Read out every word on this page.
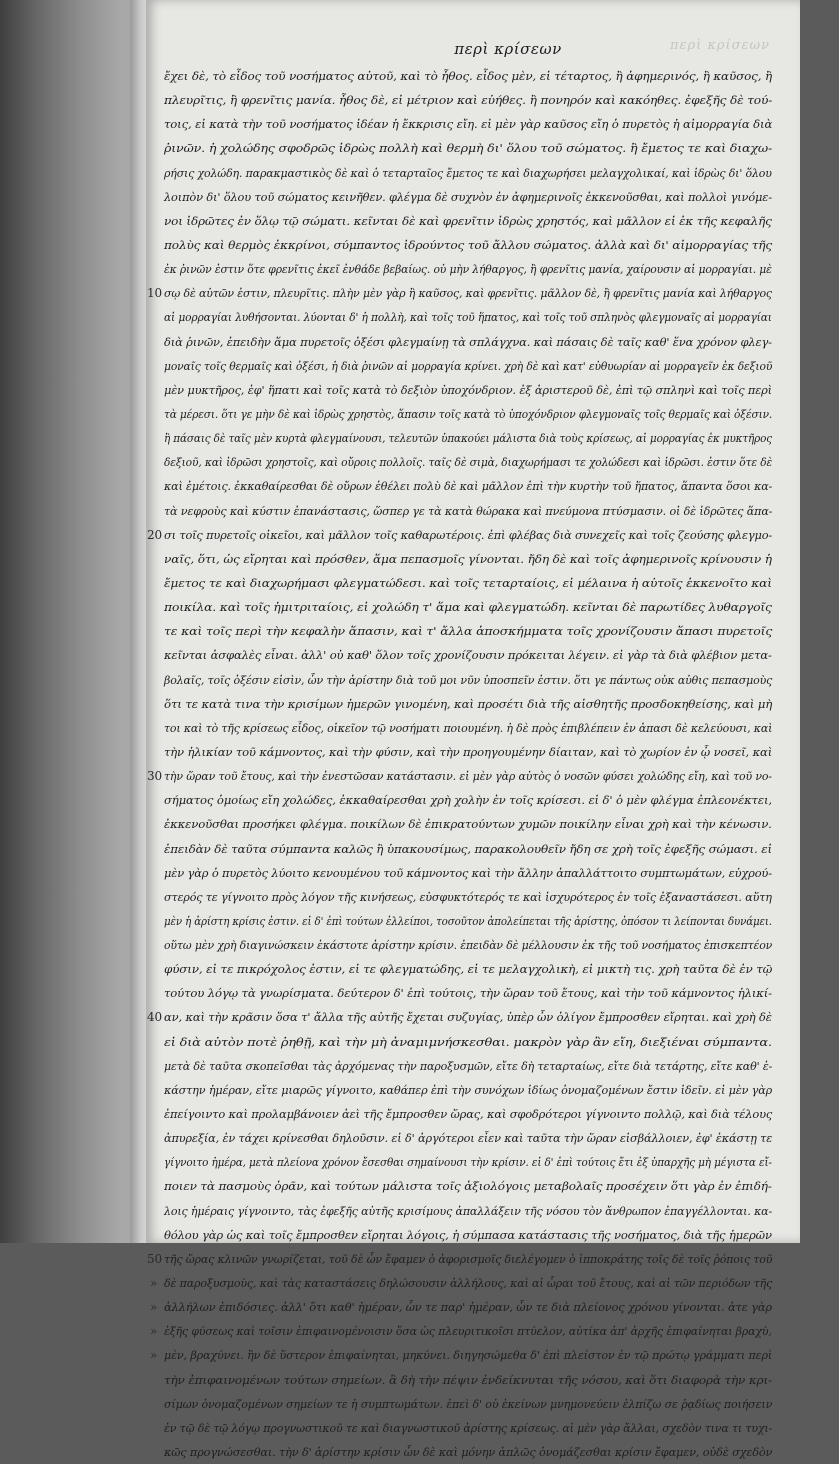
περὶ κρίσεων
περὶ κρίσεων
ἔχει δὲ, τὸ εἶδος τοῦ νοσήματος αὐτοῦ, καὶ τὸ ἦθος. εἶδος μὲν, εἰ τέταρτος, ἢ ἀφημερινός, ἢ καῦσος, ἢ
πλευρῖτις, ἢ φρενῖτις μανία. ἦθος δὲ, εἰ μέτριον καὶ εὐήθες. ἢ πονηρόν καὶ κακόηθες. ἐφεξῆς δὲ τού-
τοις, εἰ κατὰ τὴν τοῦ νοσήματος ἰδέαν ἡ ἔκκρισις εἴη. εἰ μὲν γὰρ καῦσος εἴη ὁ πυρετὸς ἡ αἱμορραγία διὰ
ῥινῶν. ἡ χολώδης σφοδρῶς ἰδρὼς πολλὴ καὶ θερμὴ δι' ὅλου τοῦ σώματος. ἢ ἔμετος τε καὶ διαχω-
ρήσις χολώδη. παρακμαστικὸς δὲ καὶ ὁ τεταρταῖος ἔμετος τε καὶ διαχωρήσει μελαγχολικαί, καὶ ἰδρὼς δι' ὅλου
λοιπὸν δι' ὅλου τοῦ σώματος κεινῆθεν. φλέγμα δὲ συχνὸν ἐν ἀφημερινοῖς ἐκκενοῦσθαι, καὶ πολλοὶ γινόμε-
νοι ἰδρῶτες ἐν ὅλῳ τῷ σώματι. κεῖνται δὲ καὶ φρενῖτιν ἰδρὼς χρηστός, καὶ μᾶλλον εἰ ἐκ τῆς κεφαλῆς
πολὺς καὶ θερμὸς ἐκκρίνοι, σύμπαντος ἱδρούντος τοῦ ἄλλου σώματος. ἀλλὰ καὶ δι' αἱμορραγίας τῆς
ἐκ ῥινῶν ἐστιν ὅτε φρενῖτις ἐκεῖ ἐνθάδε βεβαίως. οὐ μὴν λήθαργος, ἢ φρενῖτις μανία, χαίρουσιν αἱ μορραγίαι. μὲ
10 σῳ δὲ αὐτῶν ἐστιν, πλευρῖτις. πλὴν μὲν γὰρ ἢ καῦσος, καὶ φρενῖτις. μᾶλλον δὲ, ἢ φρενῖτις μανία καὶ λήθαργος
αἱ μορραγίαι λυθήσονται. λύονται δ' ἡ πολλὴ, καὶ τοῖς τοῦ ἥπατος, καὶ τοῖς τοῦ σπληνὸς φλεγμοναῖς αἱ μορραγίαι
διὰ ῥινῶν, ἐπειδὴν ἅμα πυρετοῖς ὀξέσι φλεγμαίνῃ τὰ σπλάγχνα. καὶ πάσαις δὲ ταῖς καθ' ἕνα χρόνον φλεγ-
μοναῖς τοῖς θερμαῖς καὶ ὀξέσι, ἡ διὰ ῥινῶν αἱ μορραγία κρίνει. χρὴ δὲ καὶ κατ' εὐθυωρίαν αἱ μορραγεῖν ἐκ δεξιοῦ
μὲν μυκτῆρος, ἐφ' ἥπατι καὶ τοῖς κατὰ τὸ δεξιὸν ὑποχόνδριον. ἐξ ἀριστεροῦ δὲ, ἐπὶ τῷ σπληνὶ καὶ τοῖς περὶ
τὰ μέρεσι. ὅτι γε μὴν δὲ καὶ ἰδρὼς χρηστὸς, ἅπασιν τοῖς κατὰ τὸ ὑποχόνδριον φλεγμοναῖς τοῖς θερμαῖς καὶ ὀξέσιν.
ἢ πάσαις δὲ ταῖς μὲν κυρτὰ φλεγμαίνουσι, τελευτῶν ὑπακούει μάλιστα διὰ τοὺς κρίσεως, αἱ μορραγίας ἐκ μυκτῆρος
δεξιοῦ, καὶ ἰδρῶσι χρηστοῖς, καὶ οὔροις πολλοῖς. ταῖς δὲ σιμὰ, διαχωρήμασι τε χολώδεσι καὶ ἰδρῶσι. ἐστιν ὅτε δὲ
καὶ ἐμέτοις. ἐκκαθαίρεσθαι δὲ οὔρων ἐθέλει πολὺ δὲ καὶ μᾶλλον ἐπὶ τὴν κυρτὴν τοῦ ἥπατος, ἅπαντα ὅσοι κα-
τὰ νεφροὺς καὶ κύστιν ἐπανάστασις, ὥσπερ γε τὰ κατὰ θώρακα καὶ πνεύμονα πτύσμασιν. οἱ δὲ ἰδρῶτες ἅπα-
20 σι τοῖς πυρετοῖς οἰκεῖοι, καὶ μᾶλλον τοῖς καθαρωτέροις. ἐπὶ φλέβας διὰ συνεχεῖς καὶ τοῖς ζεούσης φλεγμο-
ναῖς, ὅτι, ὡς εἴρηται καὶ πρόσθεν, ἅμα πεπασμοῖς γίνονται. ἤδη δὲ καὶ τοῖς ἀφημερινοῖς κρίνουσιν ἡ
ἔμετος τε καὶ διαχωρήμασι φλεγματώδεσι. καὶ τοῖς τεταρταίοις, εἰ μέλαινα ἡ αὐτοῖς ἐκκενοῖτο καὶ
ποικίλα. καὶ τοῖς ἡμιτριταίοις, εἰ χολώδη τ' ἅμα καὶ φλεγματώδη. κεῖνται δὲ παρωτίδες λυθαργοῖς
τε καὶ τοῖς περὶ τὴν κεφαλὴν ἅπασιν, καὶ τ' ἄλλα ἀποσκήμματα τοῖς χρονίζουσιν ἅπασι πυρετοῖς
κεῖνται ἀσφαλὲς εἶναι. ἀλλ' οὐ καθ' ὅλον τοῖς χρονίζουσιν πρόκειται λέγειν. εἰ γὰρ τὰ διὰ φλέβιον μετα-
βολαῖς, τοῖς ὀξέσιν εἰσὶν, ὧν τὴν ἀρίστην διὰ τοῦ μοι νῦν ὑποσπεῖν ἐστιν. ὅτι γε πάντως οὐκ αὐθις πεπασμοὺς
ὅτι τε κατὰ τινα τὴν κρισίμων ἡμερῶν γινομένη, καὶ προσέτι διὰ τῆς αἰσθητῆς προσδοκηθείσης, καὶ μὴ
τοι καὶ τὸ τῆς κρίσεως εἶδος, οἰκεῖον τῷ νοσήματι ποιουμένη. ἡ δὲ πρὸς ἐπιβλέπειν ἐν ἀπασι δὲ κελεύουσι, καὶ
τὴν ἡλικίαν τοῦ κάμνοντος, καὶ τὴν φύσιν, καὶ τὴν προηγουμένην δίαιταν, καὶ τὸ χωρίον ἐν ᾧ νοσεῖ, καὶ
30 τὴν ὥραν τοῦ ἔτους, καὶ τὴν ἐνεστῶσαν κατάστασιν. εἰ μὲν γὰρ αὐτὸς ὁ νοσῶν φύσει χολώδης εἴη, καὶ τοῦ νο-
σήματος ὁμοίως εἴη χολώδες, ἐκκαθαίρεσθαι χρὴ χολὴν ἐν τοῖς κρίσεσι. εἰ δ' ὁ μὲν φλέγμα ἐπλεονέκτει,
ἐκκενοῦσθαι προσήκει φλέγμα. ποικίλων δὲ ἐπικρατούντων χυμῶν ποικίλην εἶναι χρὴ καὶ τὴν κένωσιν.
ἐπειδὰν δὲ ταῦτα σύμπαντα καλῶς ἢ ὑπακουσίμως, παρακολουθεῖν ἤδη σε χρὴ τοῖς ἐφεξῆς σώμασι. εἰ
μὲν γὰρ ὁ πυρετὸς λύοιτο κενουμένου τοῦ κάμνοντος καὶ τὴν ἄλλην ἀπαλλάττοιτο συμπτωμάτων, εὐχρού-
στερός τε γίγνοιτο πρὸς λόγον τῆς κινήσεως, εὐσφυκτότερός τε καὶ ἰσχυρότερος ἐν τοῖς ἐξαναστάσεσι. αὕτη
μὲν ἡ ἀρίστη κρίσις ἐστιν. εἰ δ' ἐπὶ τούτων ἐλλείποι, τοσοῦτον ἀπολείπεται τῆς ἀρίστης, ὁπόσον τι λείπονται δυνάμει.
οὕτω μὲν χρὴ διαγινώσκειν ἑκάστοτε ἀρίστην κρίσιν. ἐπειδὰν δὲ μέλλουσιν ἐκ τῆς τοῦ νοσήματος ἐπισκεπτέον
φύσιν, εἰ τε πικρόχολος ἐστιν, εἰ τε φλεγματώδης, εἰ τε μελαγχολικὴ, εἰ μικτὴ τις. χρὴ ταῦτα δὲ ἐν τῷ
τούτου λόγῳ τὰ γνωρίσματα. δεύτερον δ' ἐπὶ τούτοις, τὴν ὥραν τοῦ ἔτους, καὶ τὴν τοῦ κάμνοντος ἡλικί-
40 αν, καὶ τὴν κρᾶσιν ὅσα τ' ἄλλα τῆς αὐτῆς ἔχεται συζυγίας, ὑπὲρ ὧν ὀλίγον ἔμπροσθεν εἴρηται. καὶ χρὴ δὲ
εἰ διὰ αὐτὸν ποτὲ ῥηθῇ, καὶ τὴν μὴ ἀναμιμνήσκεσθαι. μακρὸν γὰρ ἂν εἴη, διεξιέναι σύμπαντα.
μετὰ δὲ ταῦτα σκοπεῖσθαι τὰς ἀρχόμενας τὴν παροξυσμῶν, εἴτε δὴ τεταρταίως, εἴτε διὰ τετάρτης, εἴτε καθ' ἑ-
κάστην ἡμέραν, εἴτε μιαρῶς γίγνοιτο, καθάπερ ἐπὶ τὴν συνόχων ἰδίως ὀνομαζομένων ἔστιν ἰδεῖν. εἰ μὲν γὰρ
ἐπείγοιντο καὶ προλαμβάνοιεν ἀεὶ τῆς ἔμπροσθεν ὥρας, καὶ σφοδρότεροι γίγνοιντο πολλῷ, καὶ διὰ τέλους
ἀπυρεξία, ἐν τάχει κρίνεσθαι δηλοῦσιν. εἰ δ' ἀργότεροι εἶεν καὶ ταῦτα τὴν ὥραν εἰσβάλλοιεν, ἐφ' ἑκάστῃ τε
γίγνοιτο ἡμέρα, μετὰ πλείονα χρόνον ἔσεσθαι σημαίνουσι τὴν κρίσιν. εἰ δ' ἐπὶ τούτοις ἔτι ἐξ ὑπαρχῆς μὴ μέγιστα εἴ-
ποιεν τὰ πασμοὺς ὁρᾶν, καὶ τούτων μάλιστα τοῖς ἀξιολόγοις μεταβολαῖς προσέχειν ὅτι γὰρ ἐν ἐπιδή-
λοις ἡμέραις γίγνοιντο, τὰς ἐφεξῆς αὐτῆς κρισίμους ἀπαλλάξειν τῆς νόσου τὸν ἄνθρωπον ἐπαγγέλλονται. κα-
θόλου γὰρ ὡς καὶ τοῖς ἔμπροσθεν εἴρηται λόγοις, ἡ σύμπασα κατάστασις τῆς νοσήματος, διὰ τῆς ἡμερῶν
50 τῆς ὥρας κλινῶν γνωρίζεται, τοῦ δὲ ὧν ἔφαμεν ὁ ἀφορισμοῖς διελέγομεν ὁ ἱπποκράτης τοῖς δὲ τοῖς ῥόποις τοῦ
» δὲ παροξυσμοὺς, καὶ τὰς καταστάσεις δηλώσουσιν ἀλλήλους, καὶ αἱ ὧραι τοῦ ἔτους, καὶ αἱ τῶν περιόδων τῆς
» ἀλλήλων ἐπιδόσιες. ἀλλ' ὅτι καθ' ἡμέραν, ὧν τε παρ' ἡμέραν, ὧν τε διὰ πλείονος χρόνου γίνονται. ἀτε γὰρ
» ἐξῆς φύσεως καὶ τοῖσιν ἐπιφαινομένοισιν ὅσα ὡς πλευριτικοῖσι πτύελον, αὐτίκα ἀπ' ἀρχῆς ἐπιφαίνηται βραχὺ,
» μὲν, βραχύνει. ἢν δὲ ὕστερον ἐπιφαίνηται, μηκύνει. διηγησώμεθα δ' ἐπὶ πλείστον ἐν τῷ πρώτῳ γράμματι περὶ
τὴν ἐπιφαινομένων τούτων σημείων. ἃ δὴ τὴν πέψιν ἐνδείκνυται τῆς νόσου, καὶ ὅτι διαφορὰ τὴν κρι-
σίμων ὀνομαζομένων σημείων τε ἡ συμπτωμάτων. ἐπεὶ δ' οὐ ἐκείνων μνημονεύειν ἐλπίζω σε ῥᾳδίως ποιήσειν
ἐν τῷ δὲ τῷ λόγῳ προγνωστικοῦ τε καὶ διαγνωστικοῦ ἀρίστης κρίσεως. αἱ μὲν γὰρ ἄλλαι, σχεδὸν τινα τι τυχι-
κῶς προγνώσεσθαι. τὴν δ' ἀρίστην κρίσιν ὧν δὲ καὶ μόνην ἁπλῶς ὀνομάζεσθαι κρίσιν ἔφαμεν, οὐδὲ σχεδὸν
